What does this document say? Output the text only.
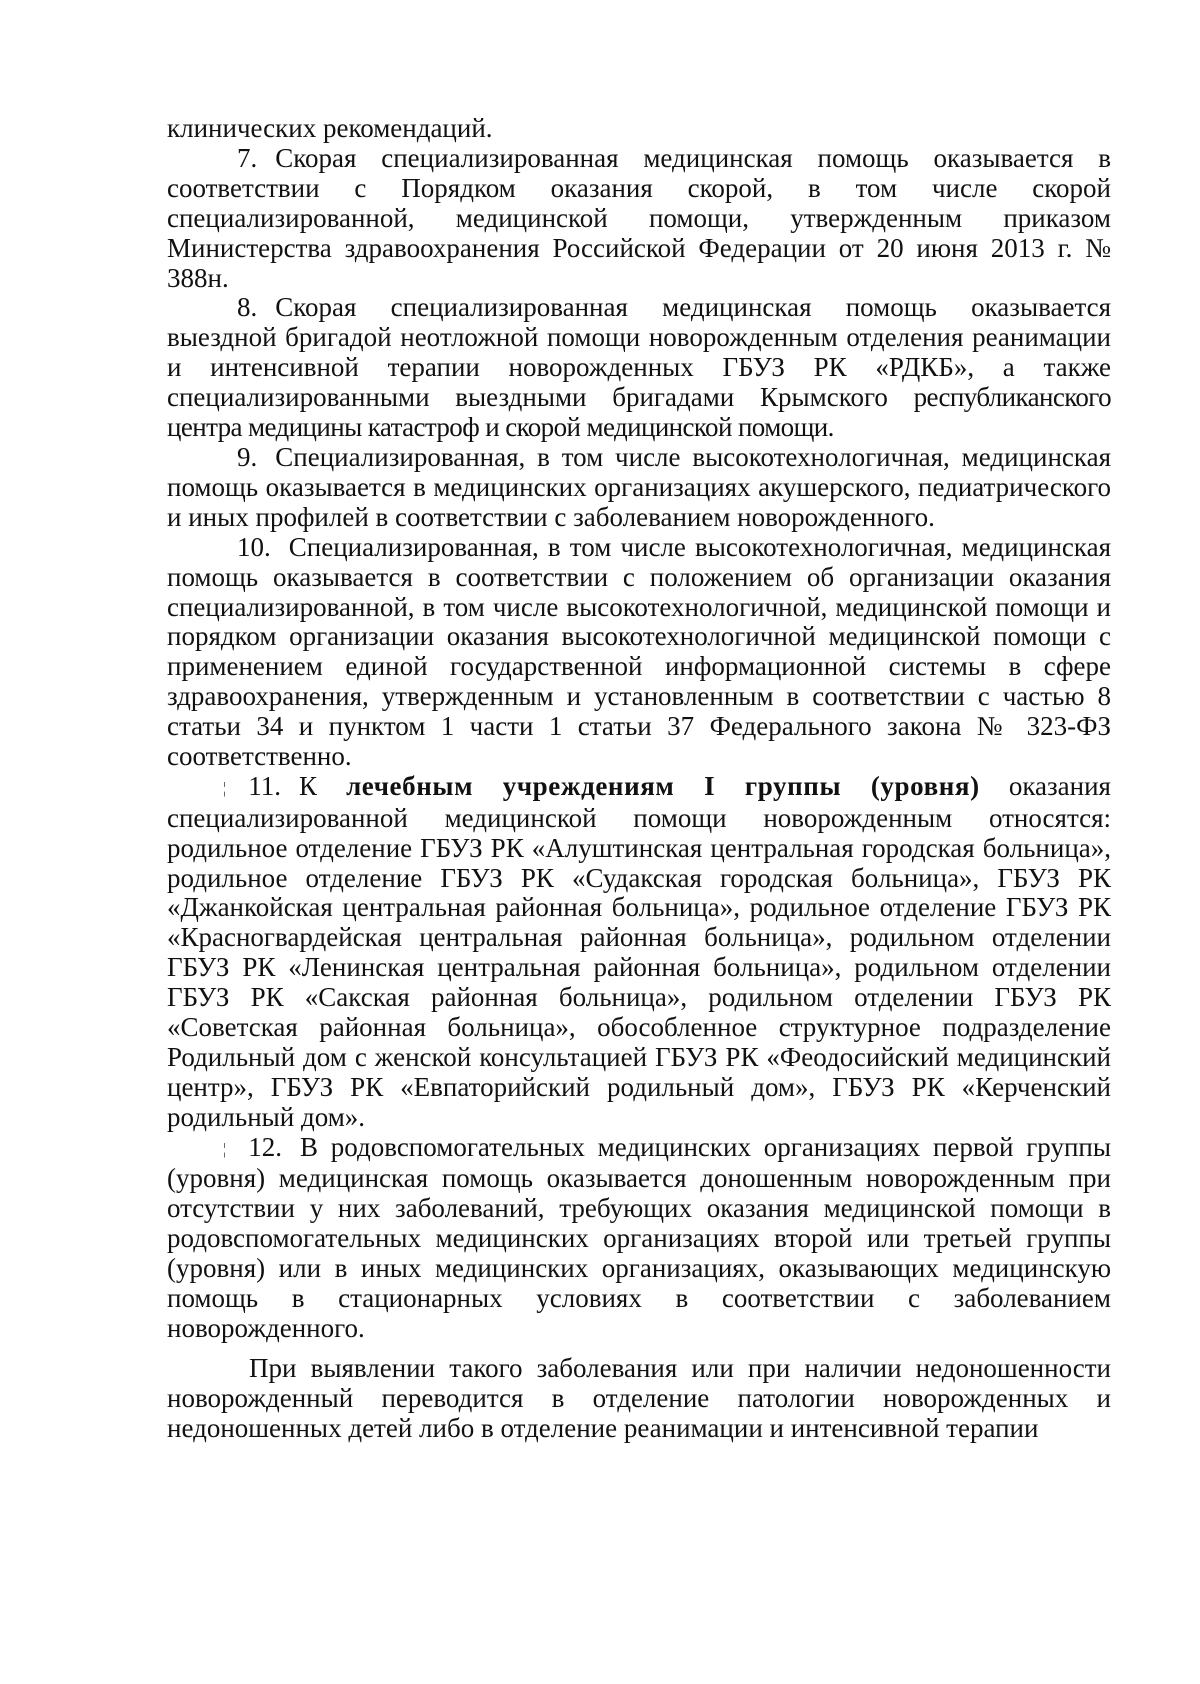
клинических рекомендаций.

7. Скорая специализированная медицинская помощь оказывается в соответствии с Порядком оказания скорой, в том числе скорой специализированной, медицинской помощи, утвержденным приказом Министерства здравоохранения Российской Федерации от 20 июня 2013 г. № 388н.

8. Скорая специализированная медицинская помощь оказывается выездной бригадой неотложной помощи новорожденным отделения реанимации и интенсивной терапии новорожденных ГБУЗ РК «РДКБ», а также специализированными выездными бригадами Крымского республиканского центра медицины катастроф и скорой медицинской помощи.

9. Специализированная, в том числе высокотехнологичная, медицинская помощь оказывается в медицинских организациях акушерского, педиатрического и иных профилей в соответствии с заболеванием новорожденного.

10. Специализированная, в том числе высокотехнологичная, медицинская помощь оказывается в соответствии с положением об организации оказания специализированной, в том числе высокотехнологичной, медицинской помощи и порядком организации оказания высокотехнологичной медицинской помощи с применением единой государственной информационной системы в сфере здравоохранения, утвержденным и установленным в соответствии с частью 8 статьи 34 и пунктом 1 части 1 статьи 37 Федерального закона № 323-ФЗ соответственно.

¦ 11. К лечебным учреждениям I группы (уровня) оказания специализированной медицинской помощи новорожденным относятся: родильное отделение ГБУЗ РК «Алуштинская центральная городская больница», родильное отделение ГБУЗ РК «Судакская городская больница», ГБУЗ РК «Джанкойская центральная районная больница», родильное отделение ГБУЗ РК «Красногвардейская центральная районная больница», родильном отделении ГБУЗ РК «Ленинская центральная районная больница», родильном отделении ГБУЗ РК «Сакская районная больница», родильном отделении ГБУЗ РК «Советская районная больница», обособленное структурное подразделение Родильный дом с женской консультацией ГБУЗ РК «Феодосийский медицинский центр», ГБУЗ РК «Евпаторийский родильный дом», ГБУЗ РК «Керченский родильный дом».

¦ 12. В родовспомогательных медицинских организациях первой группы (уровня) медицинская помощь оказывается доношенным новорожденным при отсутствии у них заболеваний, требующих оказания медицинской помощи в родовспомогательных медицинских организациях второй или третьей группы (уровня) или в иных медицинских организациях, оказывающих медицинскую помощь в стационарных условиях в соответствии с заболеванием новорожденного.

При выявлении такого заболевания или при наличии недоношенности новорожденный переводится в отделение патологии новорожденных и недоношенных детей либо в отделение реанимации и интенсивной терапии
